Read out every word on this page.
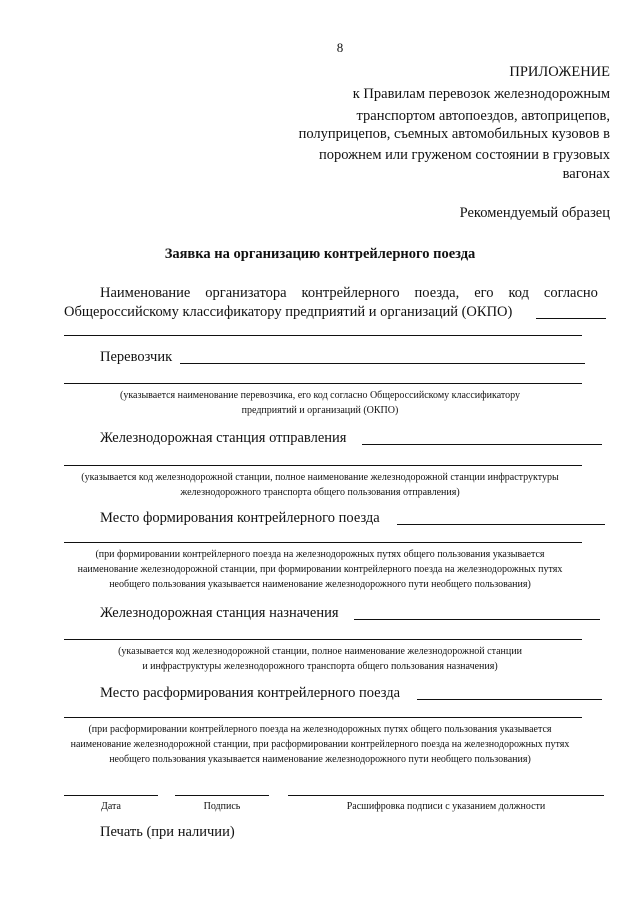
8
ПРИЛОЖЕНИЕ
к Правилам перевозок железнодорожным
транспортом автопоездов, автоприцепов,
полуприцепов, съемных автомобильных кузовов в
порожнем или груженом состоянии в грузовых
вагонах
Рекомендуемый образец
Заявка на организацию контрейлерного поезда
Наименование организатора контрейлерного поезда, его код согласно
Общероссийскому классификатору предприятий и организаций (ОКПО)
Перевозчик
(указывается наименование перевозчика, его код согласно Общероссийскому классификатору
предприятий и организаций (ОКПО)
Железнодорожная станция отправления
(указывается код железнодорожной станции, полное наименование железнодорожной станции инфраструктуры
железнодорожного транспорта общего пользования отправления)
Место формирования контрейлерного поезда
(при формировании контрейлерного поезда на железнодорожных путях общего пользования указывается
наименование железнодорожной станции, при формировании контрейлерного поезда на железнодорожных путях
необщего пользования указывается наименование железнодорожного пути необщего пользования)
Железнодорожная станция назначения
(указывается код железнодорожной станции, полное наименование железнодорожной станции
и инфраструктуры железнодорожного транспорта общего пользования назначения)
Место расформирования контрейлерного поезда
(при расформировании контрейлерного поезда на железнодорожных путях общего пользования указывается
наименование железнодорожной станции, при расформировании контрейлерного поезда на железнодорожных путях
необщего пользования указывается наименование железнодорожного пути необщего пользования)
Дата	Подпись	Расшифровка подписи с указанием должности
Печать (при наличии)
